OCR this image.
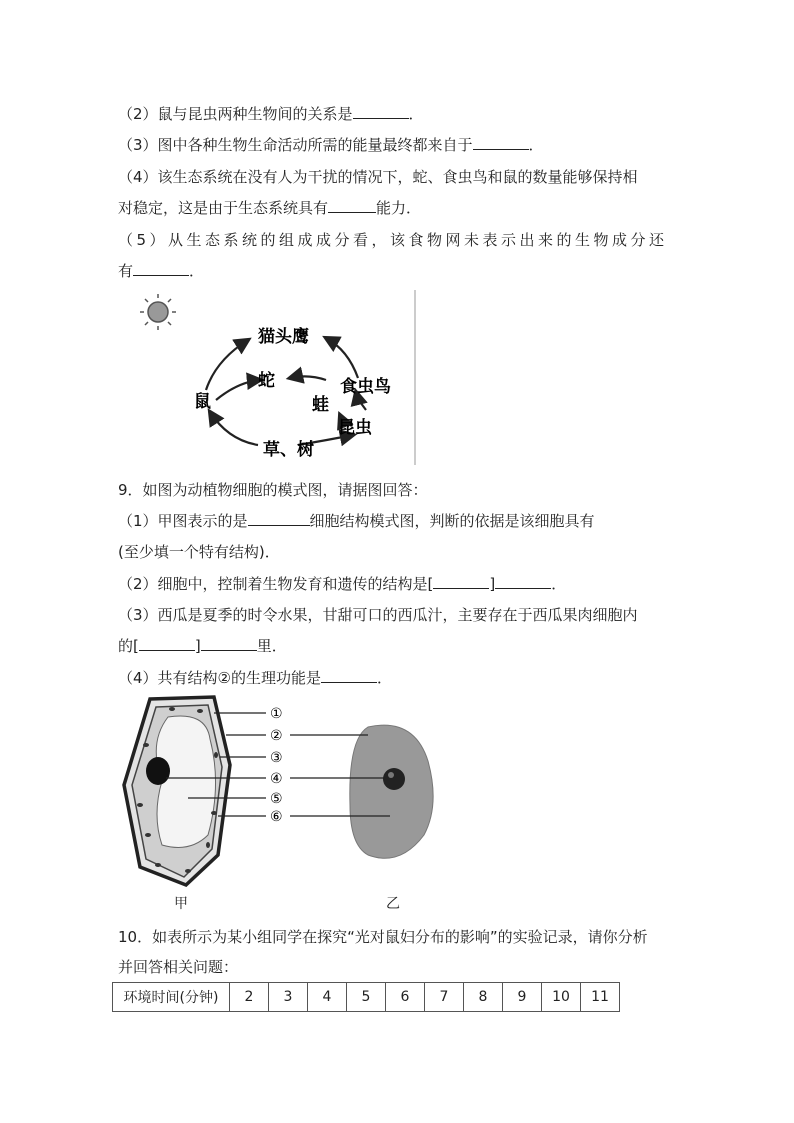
（2）鼠与昆虫两种生物间的关系是	．
（3）图中各种生物生命活动所需的能量最终都来自于	．
（4）该生态系统在没有人为干扰的情况下，蛇、食虫鸟和鼠的数量能够保持相
对稳定，这是由于生态系统具有	能力．
（5）从生态系统的组成成分看，该食物网未表示出来的生物成分还
有	．
猫头鹰
蛇	食虫鸟
鼠	蛙
昆虫
草、树
9．如图为动植物细胞的模式图，请据图回答：
（1）甲图表示的是	细胞结构模式图，判断的依据是该细胞具有
(至少填一个特有结构)．
（2）细胞中，控制着生物发育和遗传的结构是[	]	．
（3）西瓜是夏季的时令水果，甘甜可口的西瓜汁，主要存在于西瓜果肉细胞内
的[	]	里．
（4）共有结构②的生理功能是	．
①
②
③
④
⑤
⑥
甲	乙
10．如表所示为某小组同学在探究“光对鼠妇分布的影响”的实验记录，请你分析
并回答相关问题：
环境时间(分钟)	2	3	4	5	6	7	8	9	10	11
